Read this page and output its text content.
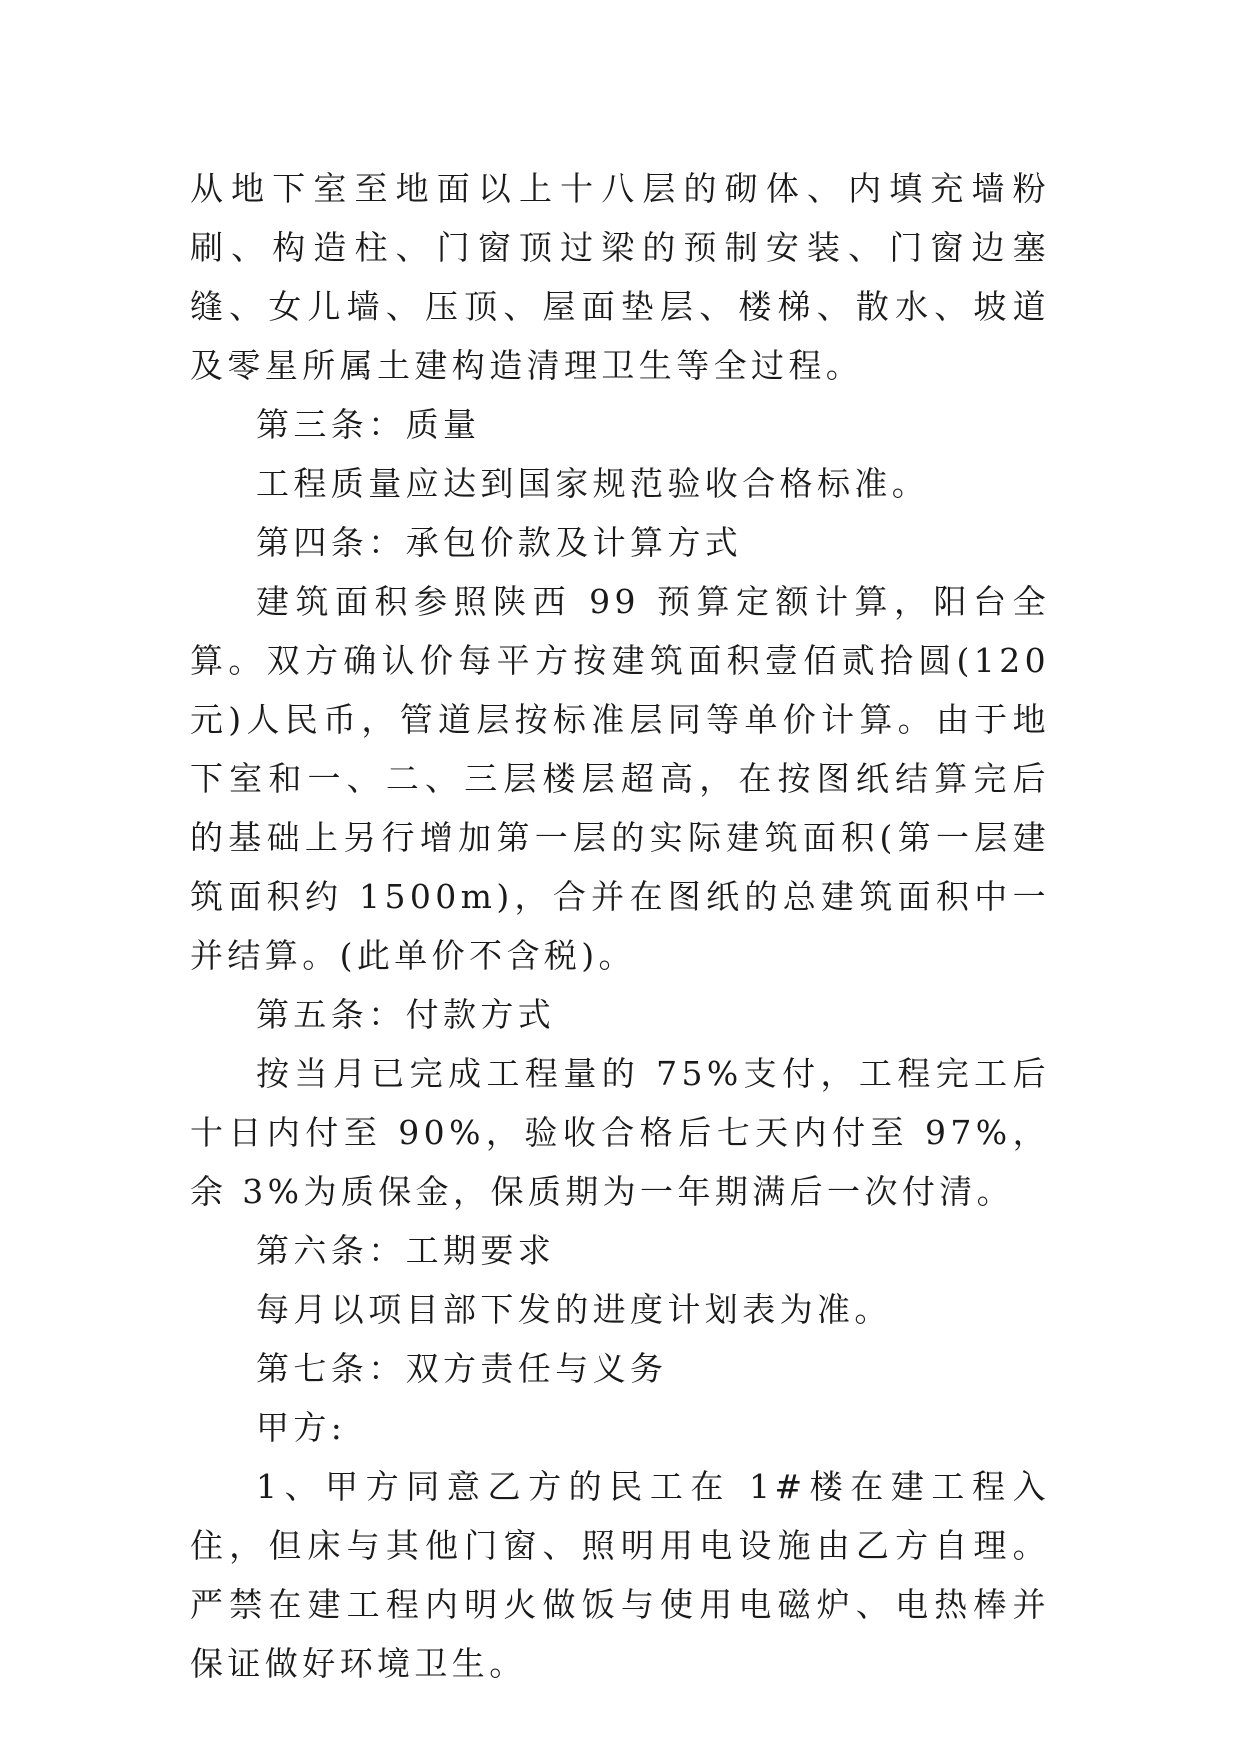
从地下室至地面以上十八层的砌体、内填充墙粉刷、构造柱、门窗顶过梁的预制安装、门窗边塞缝、女儿墙、压顶、屋面垫层、楼梯、散水、坡道及零星所属土建构造清理卫生等全过程。

第三条：质量

工程质量应达到国家规范验收合格标准。

第四条：承包价款及计算方式

建筑面积参照陕西 99 预算定额计算，阳台全算。双方确认价每平方按建筑面积壹佰贰拾圆(120 元)人民币，管道层按标准层同等单价计算。由于地下室和一、二、三层楼层超高，在按图纸结算完后的基础上另行增加第一层的实际建筑面积(第一层建筑面积约 1500m)，合并在图纸的总建筑面积中一并结算。(此单价不含税)。

第五条：付款方式

按当月已完成工程量的 75%支付，工程完工后十日内付至 90%，验收合格后七天内付至 97%，余 3%为质保金，保质期为一年期满后一次付清。

第六条：工期要求

每月以项目部下发的进度计划表为准。

第七条：双方责任与义务

甲方:

1、甲方同意乙方的民工在 1#楼在建工程入住，但床与其他门窗、照明用电设施由乙方自理。严禁在建工程内明火做饭与使用电磁炉、电热棒并保证做好环境卫生。
